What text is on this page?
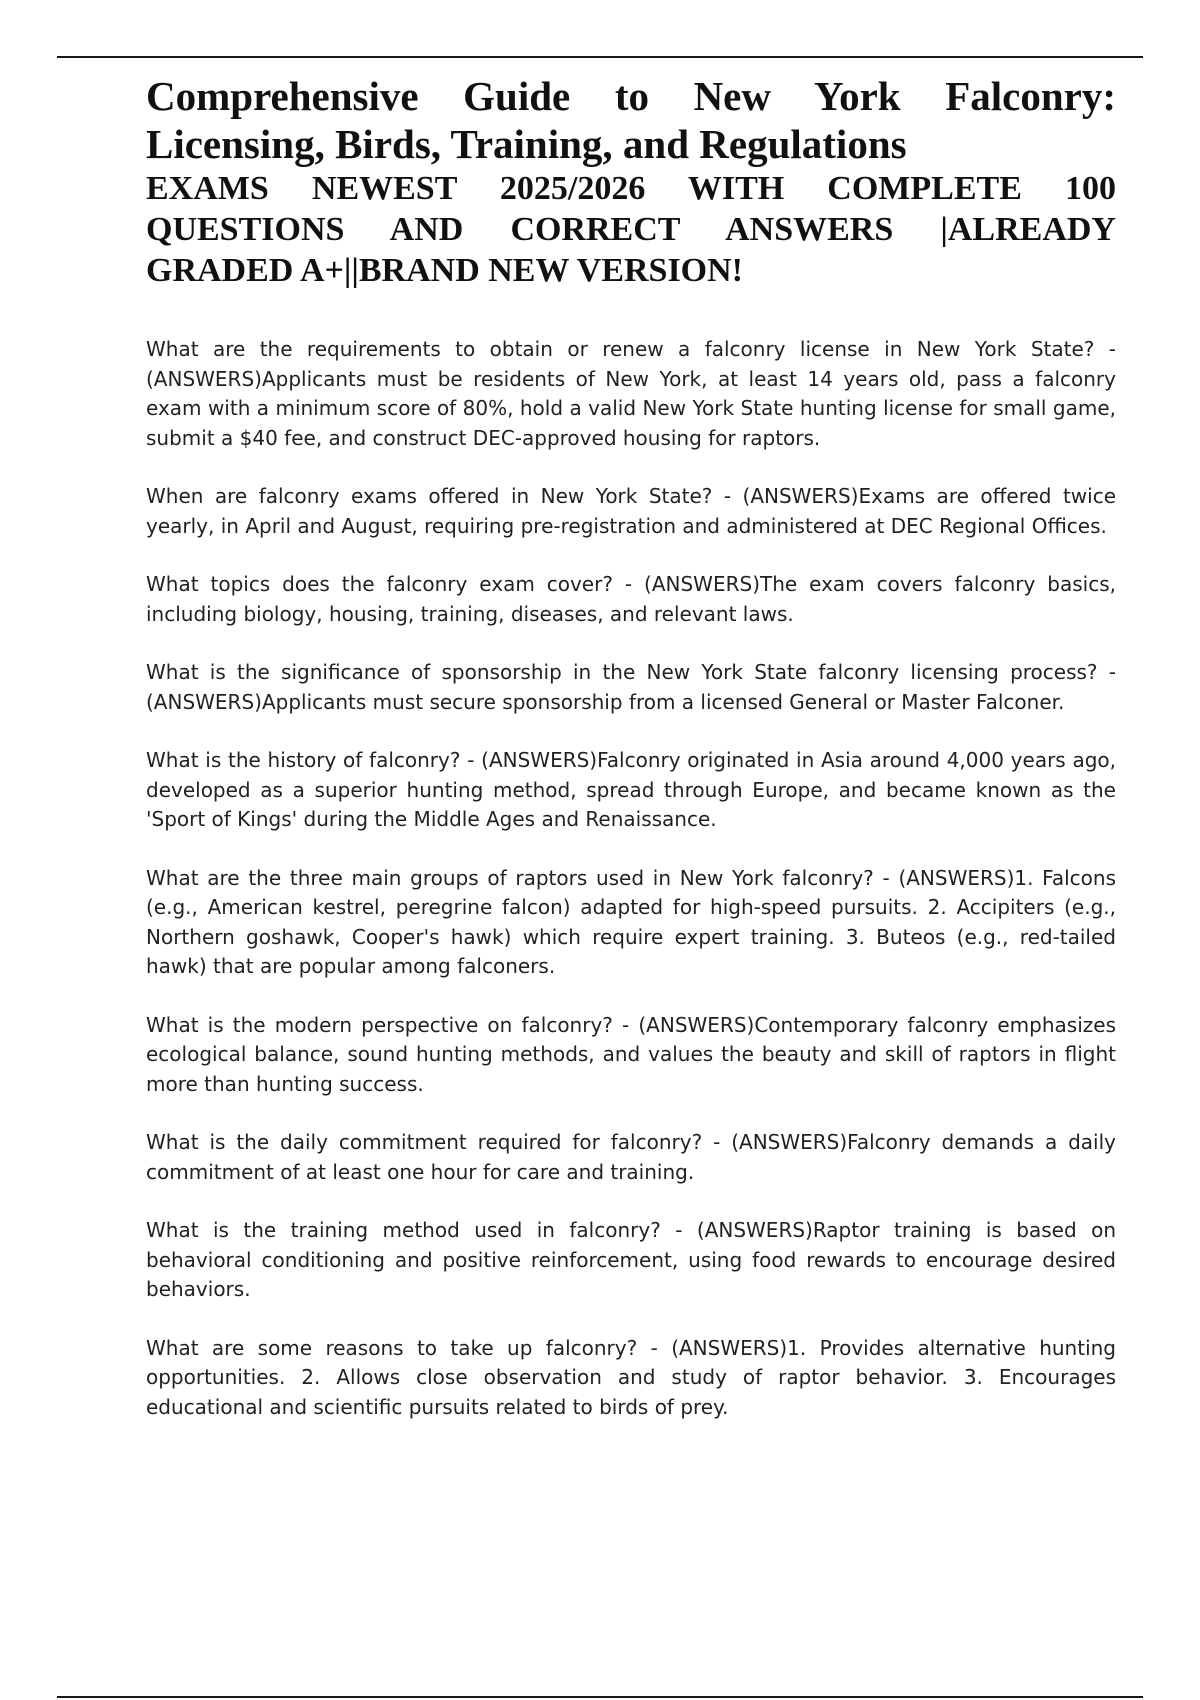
Comprehensive Guide to New York Falconry: Licensing, Birds, Training, and Regulations
EXAMS NEWEST 2025/2026 WITH COMPLETE 100 QUESTIONS AND CORRECT ANSWERS |ALREADY GRADED A+||BRAND NEW VERSION!

What are the requirements to obtain or renew a falconry license in New York State? - (ANSWERS)Applicants must be residents of New York, at least 14 years old, pass a falconry exam with a minimum score of 80%, hold a valid New York State hunting license for small game, submit a $40 fee, and construct DEC-approved housing for raptors.

When are falconry exams offered in New York State? - (ANSWERS)Exams are offered twice yearly, in April and August, requiring pre-registration and administered at DEC Regional Offices.

What topics does the falconry exam cover? - (ANSWERS)The exam covers falconry basics, including biology, housing, training, diseases, and relevant laws.

What is the significance of sponsorship in the New York State falconry licensing process? - (ANSWERS)Applicants must secure sponsorship from a licensed General or Master Falconer.

What is the history of falconry? - (ANSWERS)Falconry originated in Asia around 4,000 years ago, developed as a superior hunting method, spread through Europe, and became known as the 'Sport of Kings' during the Middle Ages and Renaissance.

What are the three main groups of raptors used in New York falconry? - (ANSWERS)1. Falcons (e.g., American kestrel, peregrine falcon) adapted for high-speed pursuits. 2. Accipiters (e.g., Northern goshawk, Cooper's hawk) which require expert training. 3. Buteos (e.g., red-tailed hawk) that are popular among falconers.

What is the modern perspective on falconry? - (ANSWERS)Contemporary falconry emphasizes ecological balance, sound hunting methods, and values the beauty and skill of raptors in flight more than hunting success.

What is the daily commitment required for falconry? - (ANSWERS)Falconry demands a daily commitment of at least one hour for care and training.

What is the training method used in falconry? - (ANSWERS)Raptor training is based on behavioral conditioning and positive reinforcement, using food rewards to encourage desired behaviors.

What are some reasons to take up falconry? - (ANSWERS)1. Provides alternative hunting opportunities. 2. Allows close observation and study of raptor behavior. 3. Encourages educational and scientific pursuits related to birds of prey.
